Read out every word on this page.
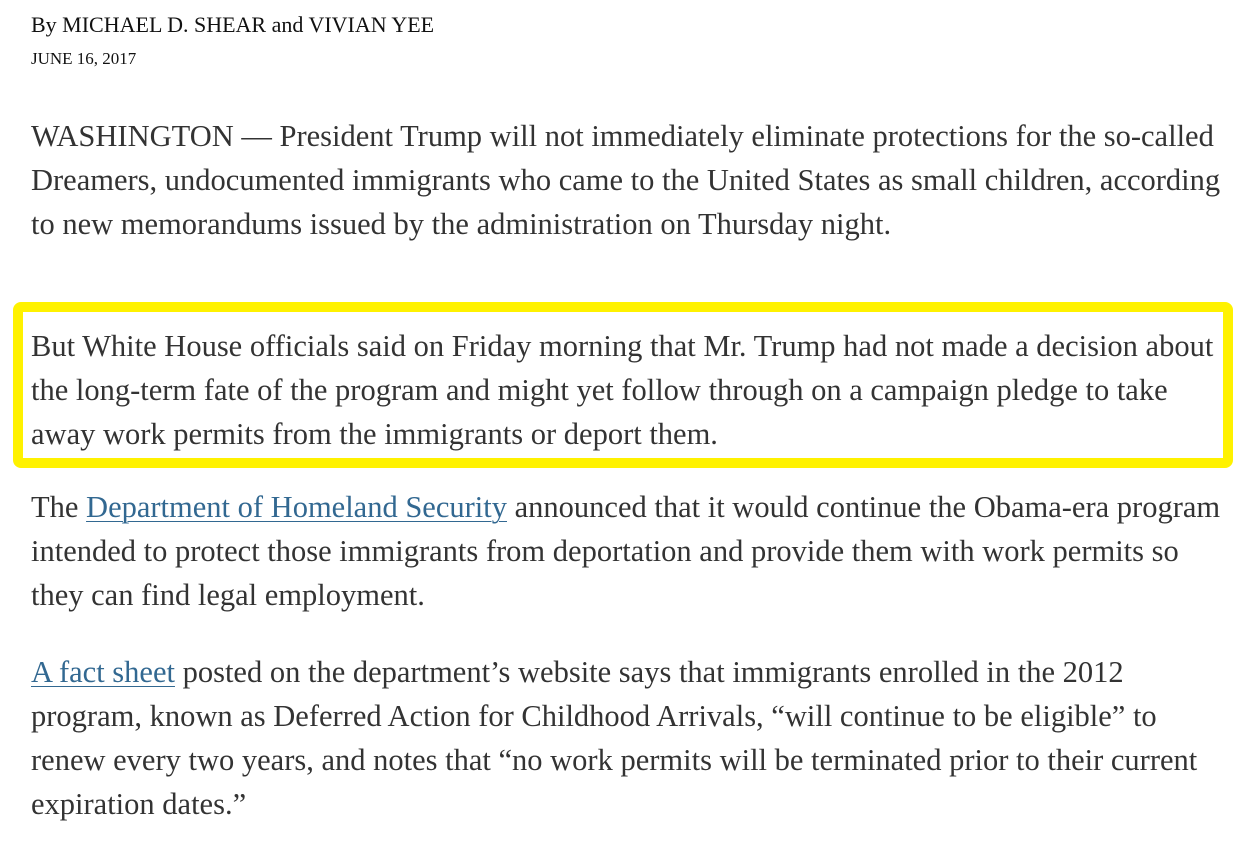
By MICHAEL D. SHEAR and VIVIAN YEE
JUNE 16, 2017

WASHINGTON — President Trump will not immediately eliminate protections for the so-called Dreamers, undocumented immigrants who came to the United States as small children, according to new memorandums issued by the administration on Thursday night.

But White House officials said on Friday morning that Mr. Trump had not made a decision about the long-term fate of the program and might yet follow through on a campaign pledge to take away work permits from the immigrants or deport them.

The Department of Homeland Security announced that it would continue the Obama-era program intended to protect those immigrants from deportation and provide them with work permits so they can find legal employment.

A fact sheet posted on the department’s website says that immigrants enrolled in the 2012 program, known as Deferred Action for Childhood Arrivals, “will continue to be eligible” to renew every two years, and notes that “no work permits will be terminated prior to their current expiration dates.”
